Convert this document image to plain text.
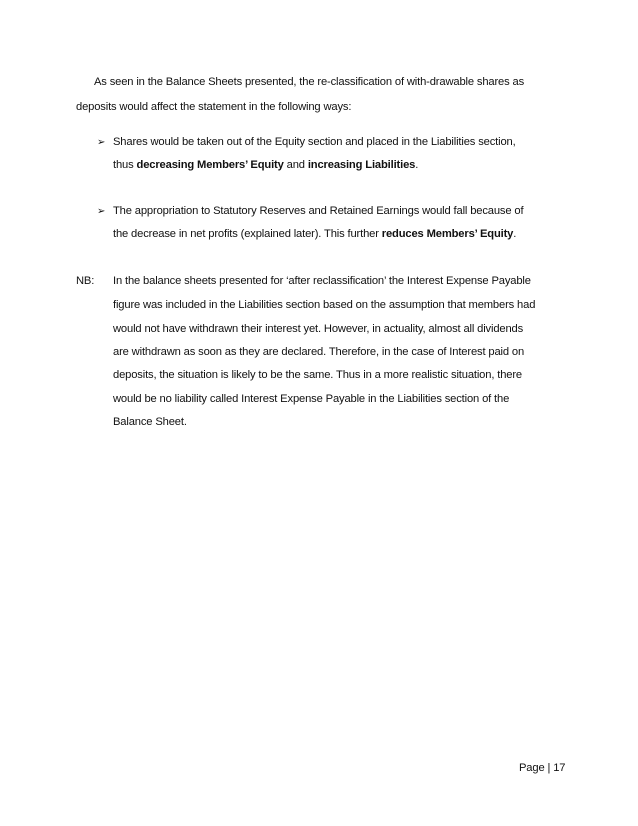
As seen in the Balance Sheets presented, the re-classification of with-drawable shares as
deposits would affect the statement in the following ways:
➢ Shares would be taken out of the Equity section and placed in the Liabilities section,
thus decreasing Members’ Equity and increasing Liabilities.
➢ The appropriation to Statutory Reserves and Retained Earnings would fall because of
the decrease in net profits (explained later). This further reduces Members’ Equity.
NB: In the balance sheets presented for ‘after reclassification’ the Interest Expense Payable
figure was included in the Liabilities section based on the assumption that members had
would not have withdrawn their interest yet. However, in actuality, almost all dividends
are withdrawn as soon as they are declared. Therefore, in the case of Interest paid on
deposits, the situation is likely to be the same. Thus in a more realistic situation, there
would be no liability called Interest Expense Payable in the Liabilities section of the
Balance Sheet.
Page | 17
